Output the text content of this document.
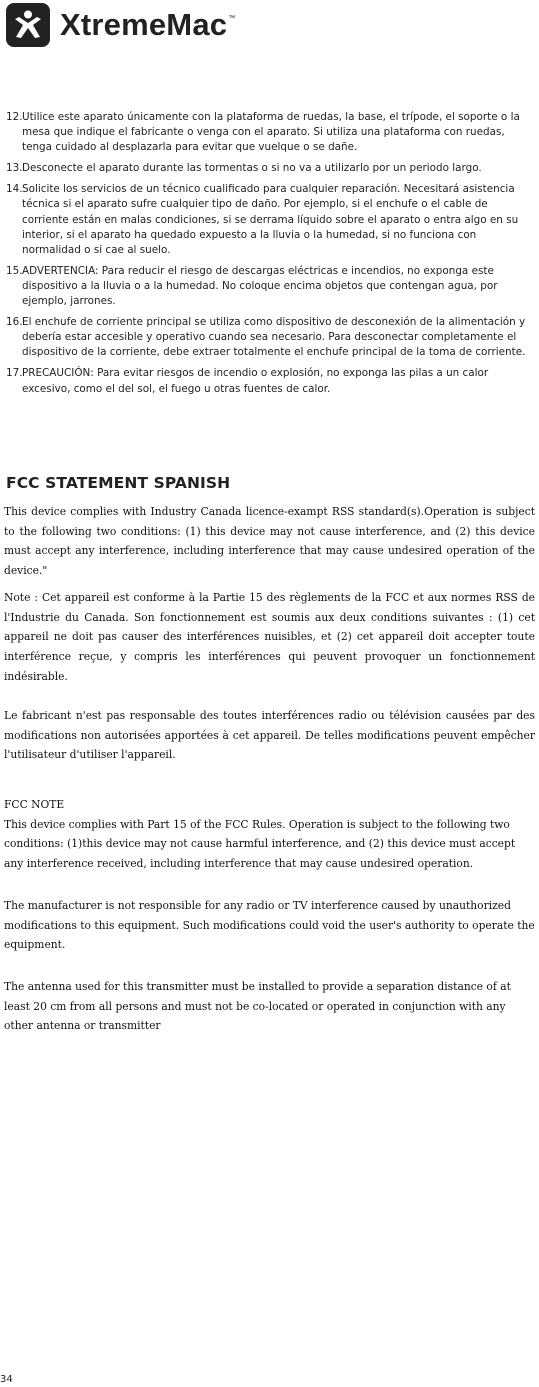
XtremeMac ™
12. Utilice este aparato únicamente con la plataforma de ruedas, la base, el trípode, el soporte o la mesa que indique el fabricante o venga con el aparato. Si utiliza una plataforma con ruedas, tenga cuidado al desplazarla para evitar que vuelque o se dañe.
13. Desconecte el aparato durante las tormentas o si no va a utilizarlo por un periodo largo.
14. Solicite los servicios de un técnico cualificado para cualquier reparación. Necesitará asistencia técnica si el aparato sufre cualquier tipo de daño. Por ejemplo, si el enchufe o el cable de corriente están en malas condiciones, si se derrama líquido sobre el aparato o entra algo en su interior, si el aparato ha quedado expuesto a la lluvia o la humedad, si no funciona con normalidad o si cae al suelo.
15. ADVERTENCIA: Para reducir el riesgo de descargas eléctricas e incendios, no exponga este dispositivo a la lluvia o a la humedad. No coloque encima objetos que contengan agua, por ejemplo, jarrones.
16. El enchufe de corriente principal se utiliza como dispositivo de desconexión de la alimentación y debería estar accesible y operativo cuando sea necesario. Para desconectar completamente el dispositivo de la corriente, debe extraer totalmente el enchufe principal de la toma de corriente.
17. PRECAUCIÓN: Para evitar riesgos de incendio o explosión, no exponga las pilas a un calor excesivo, como el del sol, el fuego u otras fuentes de calor.
FCC STATEMENT SPANISH

This device complies with Industry Canada licence-exampt RSS standard(s).Operation is subject to the following two conditions: (1) this device may not cause interference, and (2) this device must accept any interference, including interference that may cause undesired operation of the device."

Note : Cet appareil est conforme à la Partie 15 des règlements de la FCC et aux normes RSS de l'Industrie du Canada. Son fonctionnement est soumis aux deux conditions suivantes : (1) cet appareil ne doit pas causer des interférences nuisibles, et (2) cet appareil doit accepter toute interférence reçue, y compris les interférences qui peuvent provoquer un fonctionnement indésirable.

Le fabricant n'est pas responsable des toutes interférences radio ou télévision causées par des modifications non autorisées apportées à cet appareil. De telles modifications peuvent empêcher l'utilisateur d'utiliser l'appareil.

FCC NOTE
This device complies with Part 15 of the FCC Rules. Operation is subject to the following two conditions: (1)this device may not cause harmful interference, and (2) this device must accept any interference received, including interference that may cause undesired operation.

The manufacturer is not responsible for any radio or TV interference caused by unauthorized modifications to this equipment. Such modifications could void the user's authority to operate the equipment.

The antenna used for this transmitter must be installed to provide a separation distance of at least 20 cm from all persons and must not be co-located or operated in conjunction with any other antenna or transmitter

34
